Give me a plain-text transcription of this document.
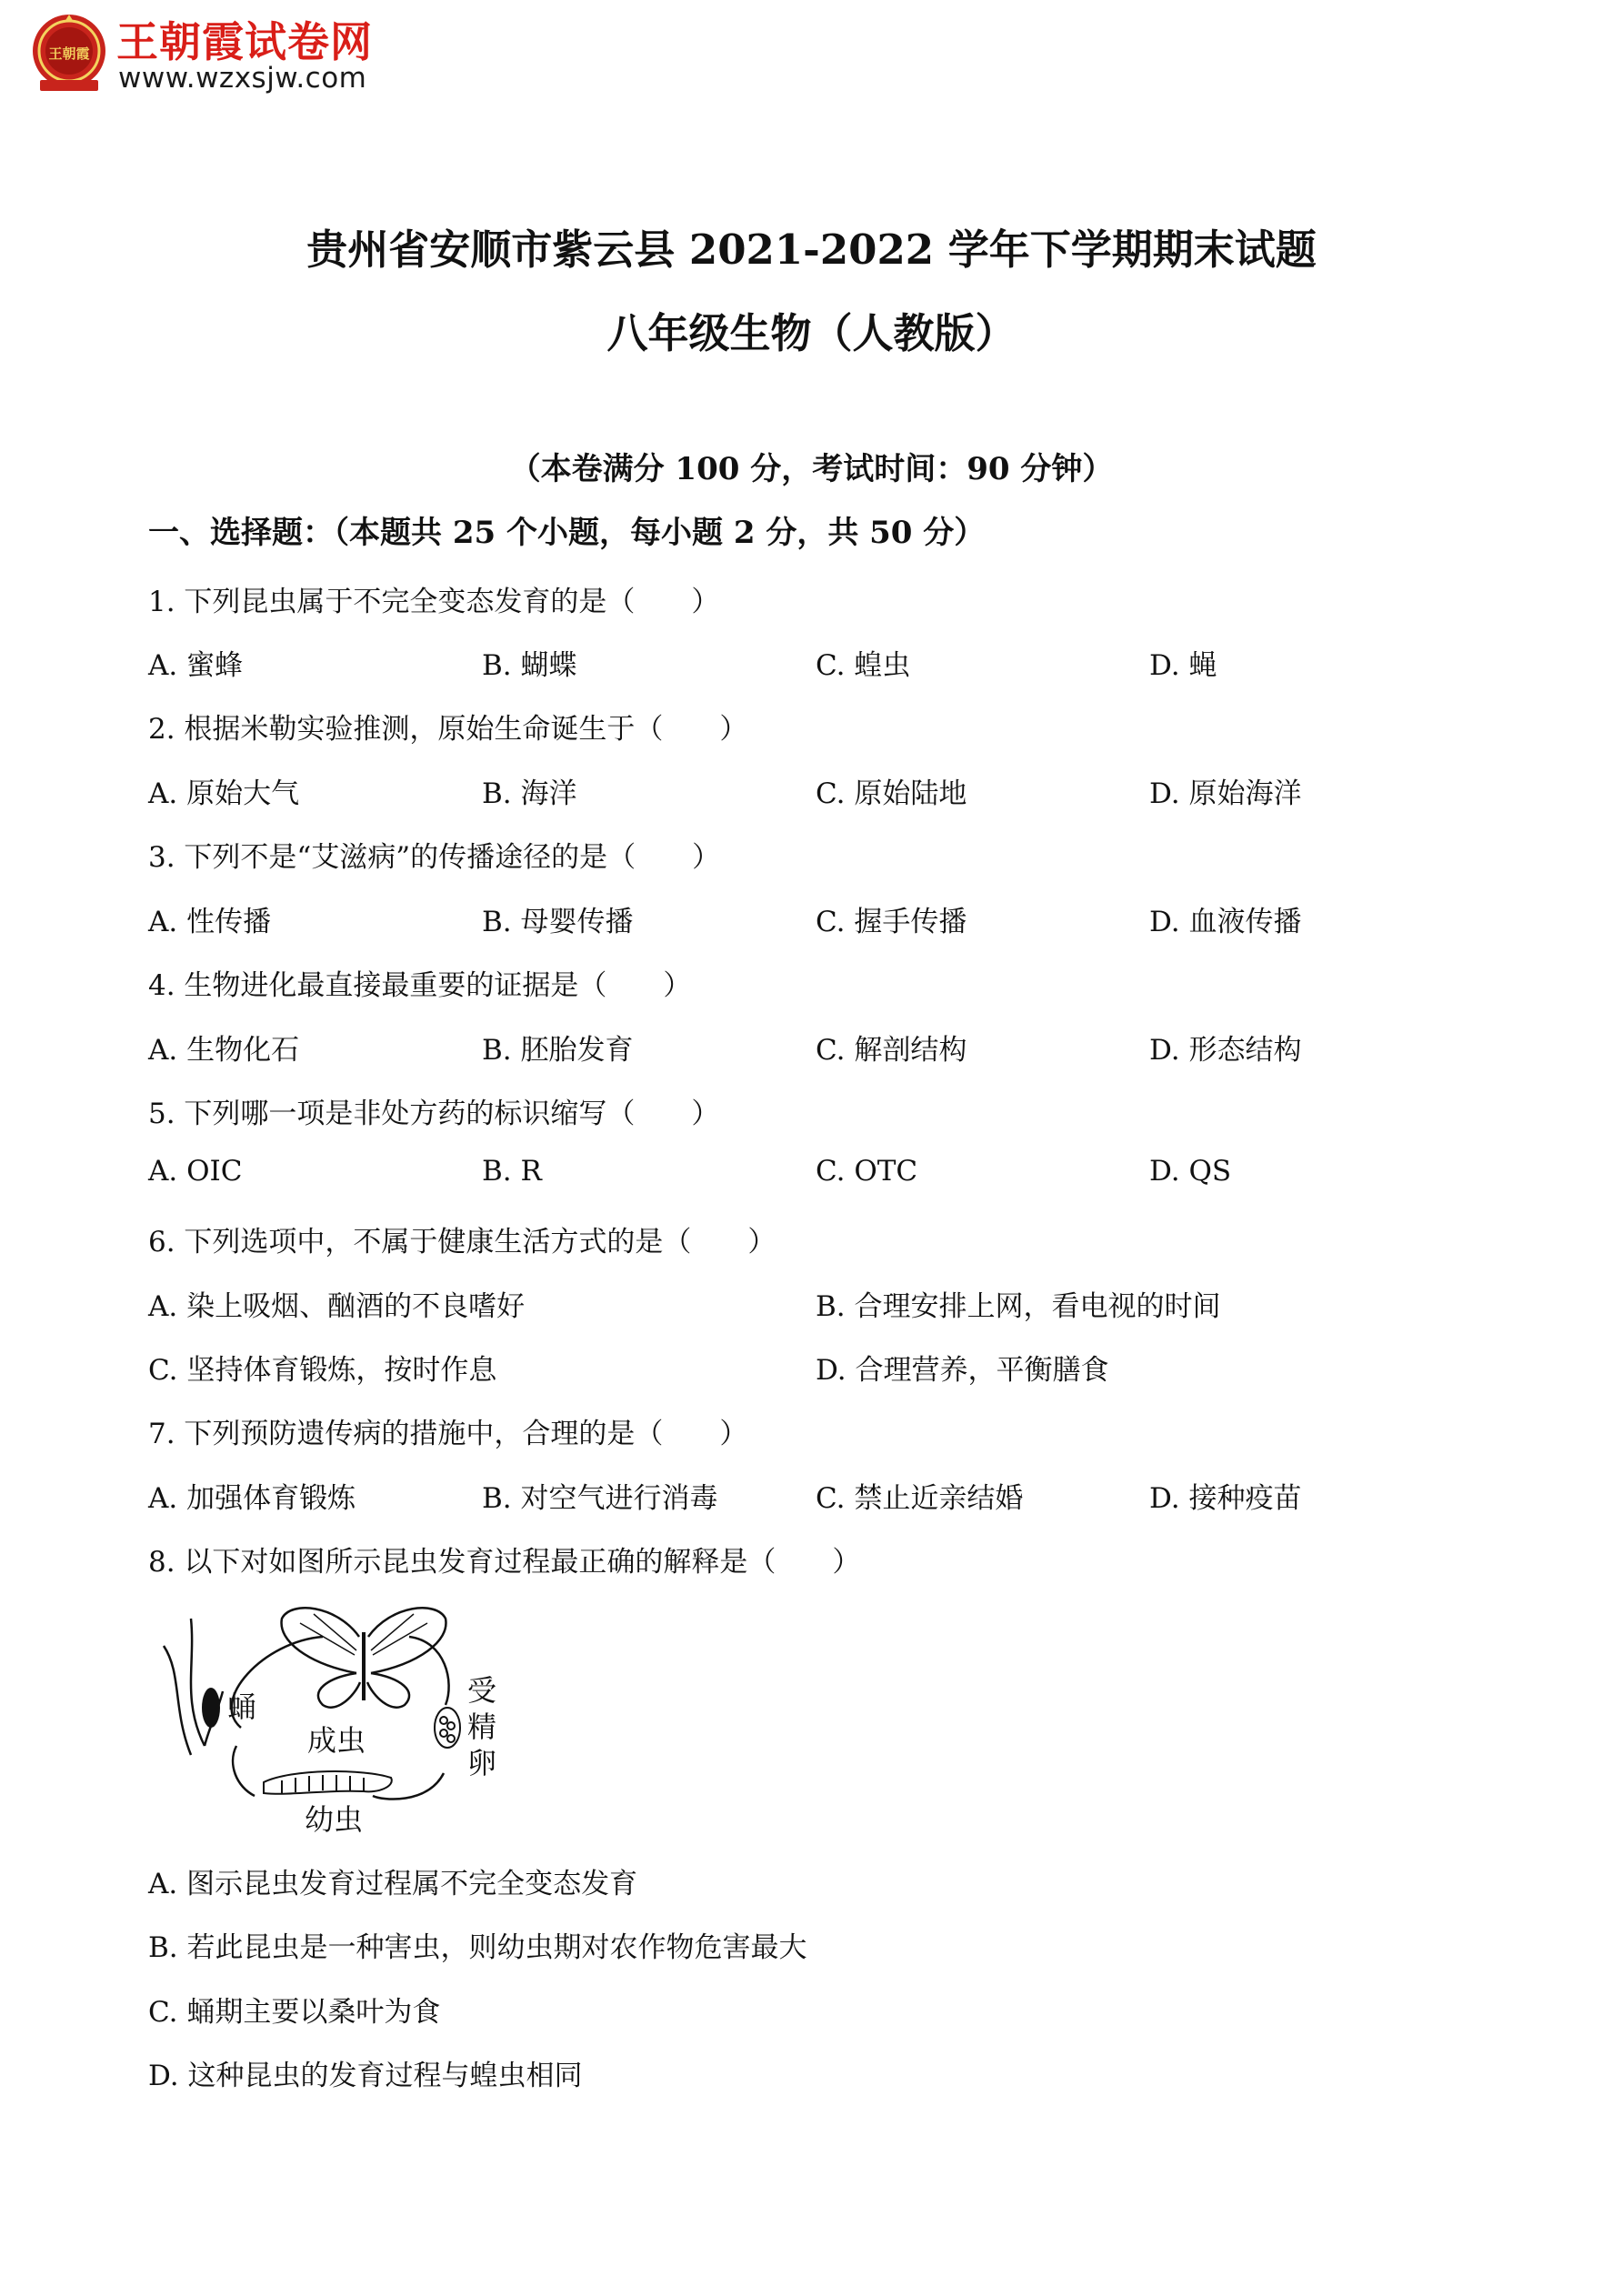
王朝霞 王朝霞试卷网
www.wzxsjw.com
贵州省安顺市紫云县 2021-2022 学年下学期期末试题
八年级生物（人教版）
（本卷满分 100 分，考试时间：90 分钟）
一、选择题：（本题共 25 个小题，每小题 2 分，共 50 分）
1. 下列昆虫属于不完全变态发育的是（　　）
A. 蜜蜂	B. 蝴蝶	C. 蝗虫	D. 蝇
2. 根据米勒实验推测，原始生命诞生于（　　）
A. 原始大气	B. 海洋	C. 原始陆地	D. 原始海洋
3. 下列不是“艾滋病”的传播途径的是（　　）
A. 性传播	B. 母婴传播	C. 握手传播	D. 血液传播
4. 生物进化最直接最重要的证据是（　　）
A. 生物化石	B. 胚胎发育	C. 解剖结构	D. 形态结构
5. 下列哪一项是非处方药的标识缩写（　　）
A. OIC	B. R	C. OTC	D. QS
6. 下列选项中，不属于健康生活方式的是（　　）
A. 染上吸烟、酗酒的不良嗜好	B. 合理安排上网，看电视的时间
C. 坚持体育锻炼，按时作息	D. 合理营养，平衡膳食
7. 下列预防遗传病的措施中，合理的是（　　）
A. 加强体育锻炼	B. 对空气进行消毒	C. 禁止近亲结婚	D. 接种疫苗
8. 以下对如图所示昆虫发育过程最正确的解释是（　　）
蛹
成虫
受
精
卵
幼虫
A. 图示昆虫发育过程属不完全变态发育
B. 若此昆虫是一种害虫，则幼虫期对农作物危害最大
C. 蛹期主要以桑叶为食
D. 这种昆虫的发育过程与蝗虫相同
